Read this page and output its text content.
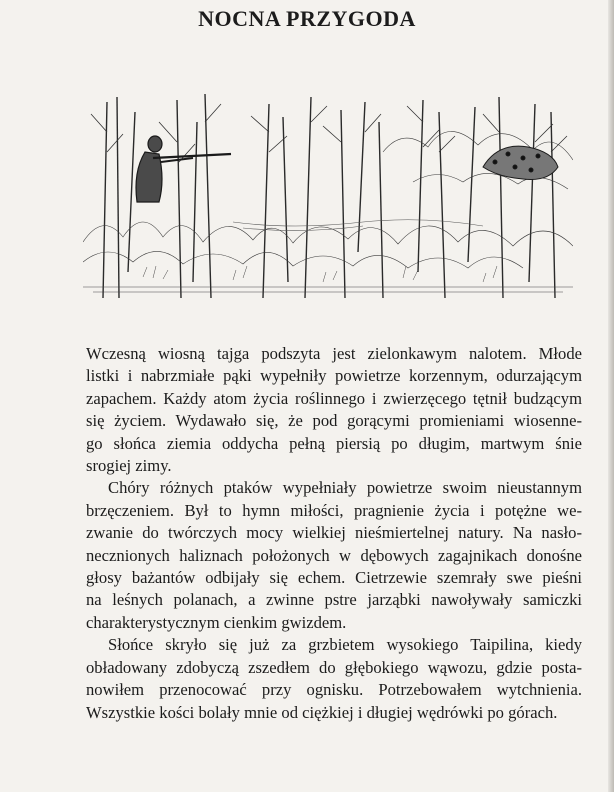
NOCNA PRZYGODA

Wczesną wiosną tajga podszyta jest zielonkawym nalotem. Młode
listki i nabrzmiałe pąki wypełniły powietrze korzennym, odurzającym
zapachem. Każdy atom życia roślinnego i zwierzęcego tętnił budzącym
się życiem. Wydawało się, że pod gorącymi promieniami wiosenne-
go słońca ziemia oddycha pełną piersią po długim, martwym śnie
srogiej zimy.

Chóry różnych ptaków wypełniały powietrze swoim nieustannym
brzęczeniem. Był to hymn miłości, pragnienie życia i potężne we-
zwanie do twórczych mocy wielkiej nieśmiertelnej natury. Na nasło-
necznionych haliznach położonych w dębowych zagajnikach donośne
głosy bażantów odbijały się echem. Cietrzewie szemrały swe pieśni
na leśnych polanach, a zwinne pstre jarząbki nawoływały samiczki
charakterystycznym cienkim gwizdem.

Słońce skryło się już za grzbietem wysokiego Taipilina, kiedy
obładowany zdobyczą zszedłem do głębokiego wąwozu, gdzie posta-
nowiłem przenocować przy ognisku. Potrzebowałem wytchnienia.
Wszystkie kości bolały mnie od ciężkiej i długiej wędrówki po górach.
